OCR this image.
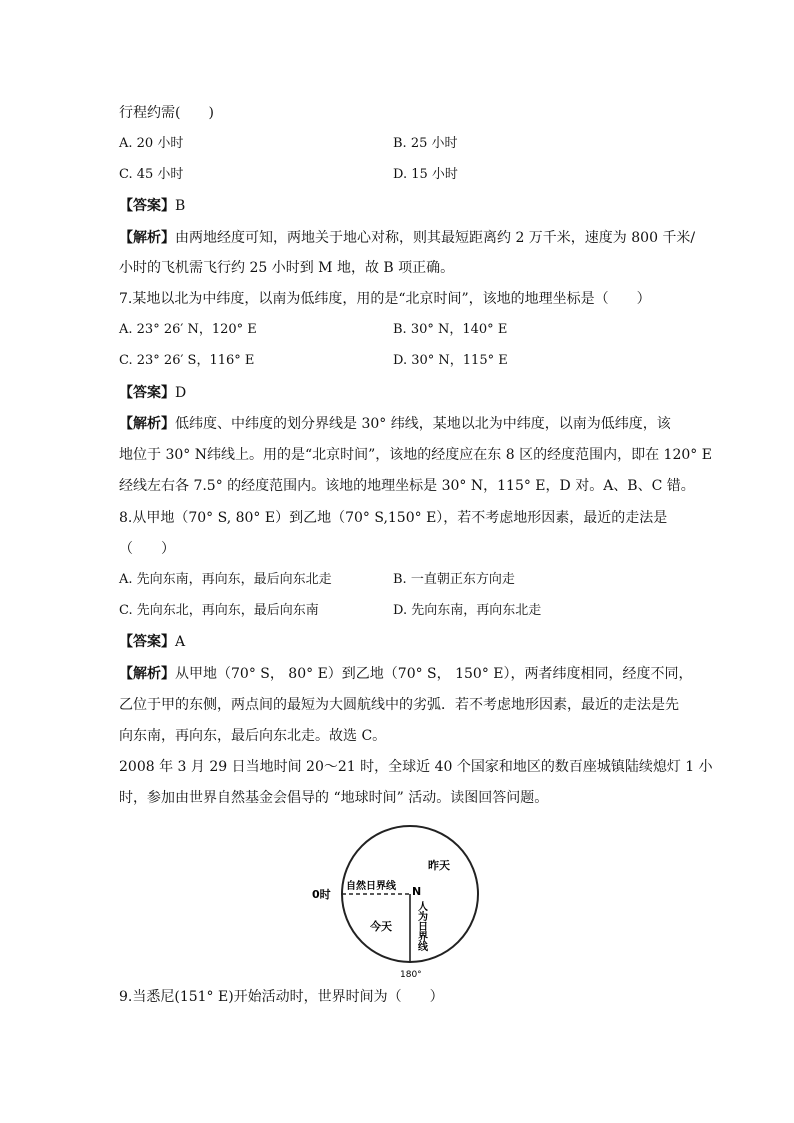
行程约需(　　)
A. 20 小时	B. 25 小时
C. 45 小时	D. 15 小时
【答案】B
【解析】由两地经度可知，两地关于地心对称，则其最短距离约 2 万千米，速度为 800 千米/
小时的飞机需飞行约 25 小时到 M 地，故 B 项正确。
7.某地以北为中纬度，以南为低纬度，用的是“北京时间”，该地的地理坐标是（　　）
A. 23° 26′ N，120° E	B. 30° N，140° E
C. 23° 26′ S，116° E	D. 30° N，115° E
【答案】D
【解析】低纬度、中纬度的划分界线是 30° 纬线，某地以北为中纬度，以南为低纬度，该
地位于 30° N纬线上。用的是“北京时间”，该地的经度应在东 8 区的经度范围内，即在 120° E
经线左右各 7.5° 的经度范围内。该地的地理坐标是 30° N，115° E，D 对。A、B、C 错。
8.从甲地（70° S, 80° E）到乙地（70° S,150° E），若不考虑地形因素，最近的走法是
（　　）
A. 先向东南，再向东，最后向东北走	B. 一直朝正东方向走
C. 先向东北，再向东，最后向东南	D. 先向东南，再向东北走
【答案】A
【解析】从甲地（70° S， 80° E）到乙地（70° S， 150° E），两者纬度相同，经度不同，
乙位于甲的东侧，两点间的最短为大圆航线中的劣弧．若不考虑地形因素，最近的走法是先
向东南，再向东，最后向东北走。故选 C。
2008 年 3 月 29 日当地时间 20～21 时，全球近 40 个国家和地区的数百座城镇陆续熄灯 1 小
时，参加由世界自然基金会倡导的 “地球时间” 活动。读图回答问题。
昨天
自然日界线 N
0时
今天 人为日界线
180°
9.当悉尼(151° E)开始活动时，世界时间为（　　）
